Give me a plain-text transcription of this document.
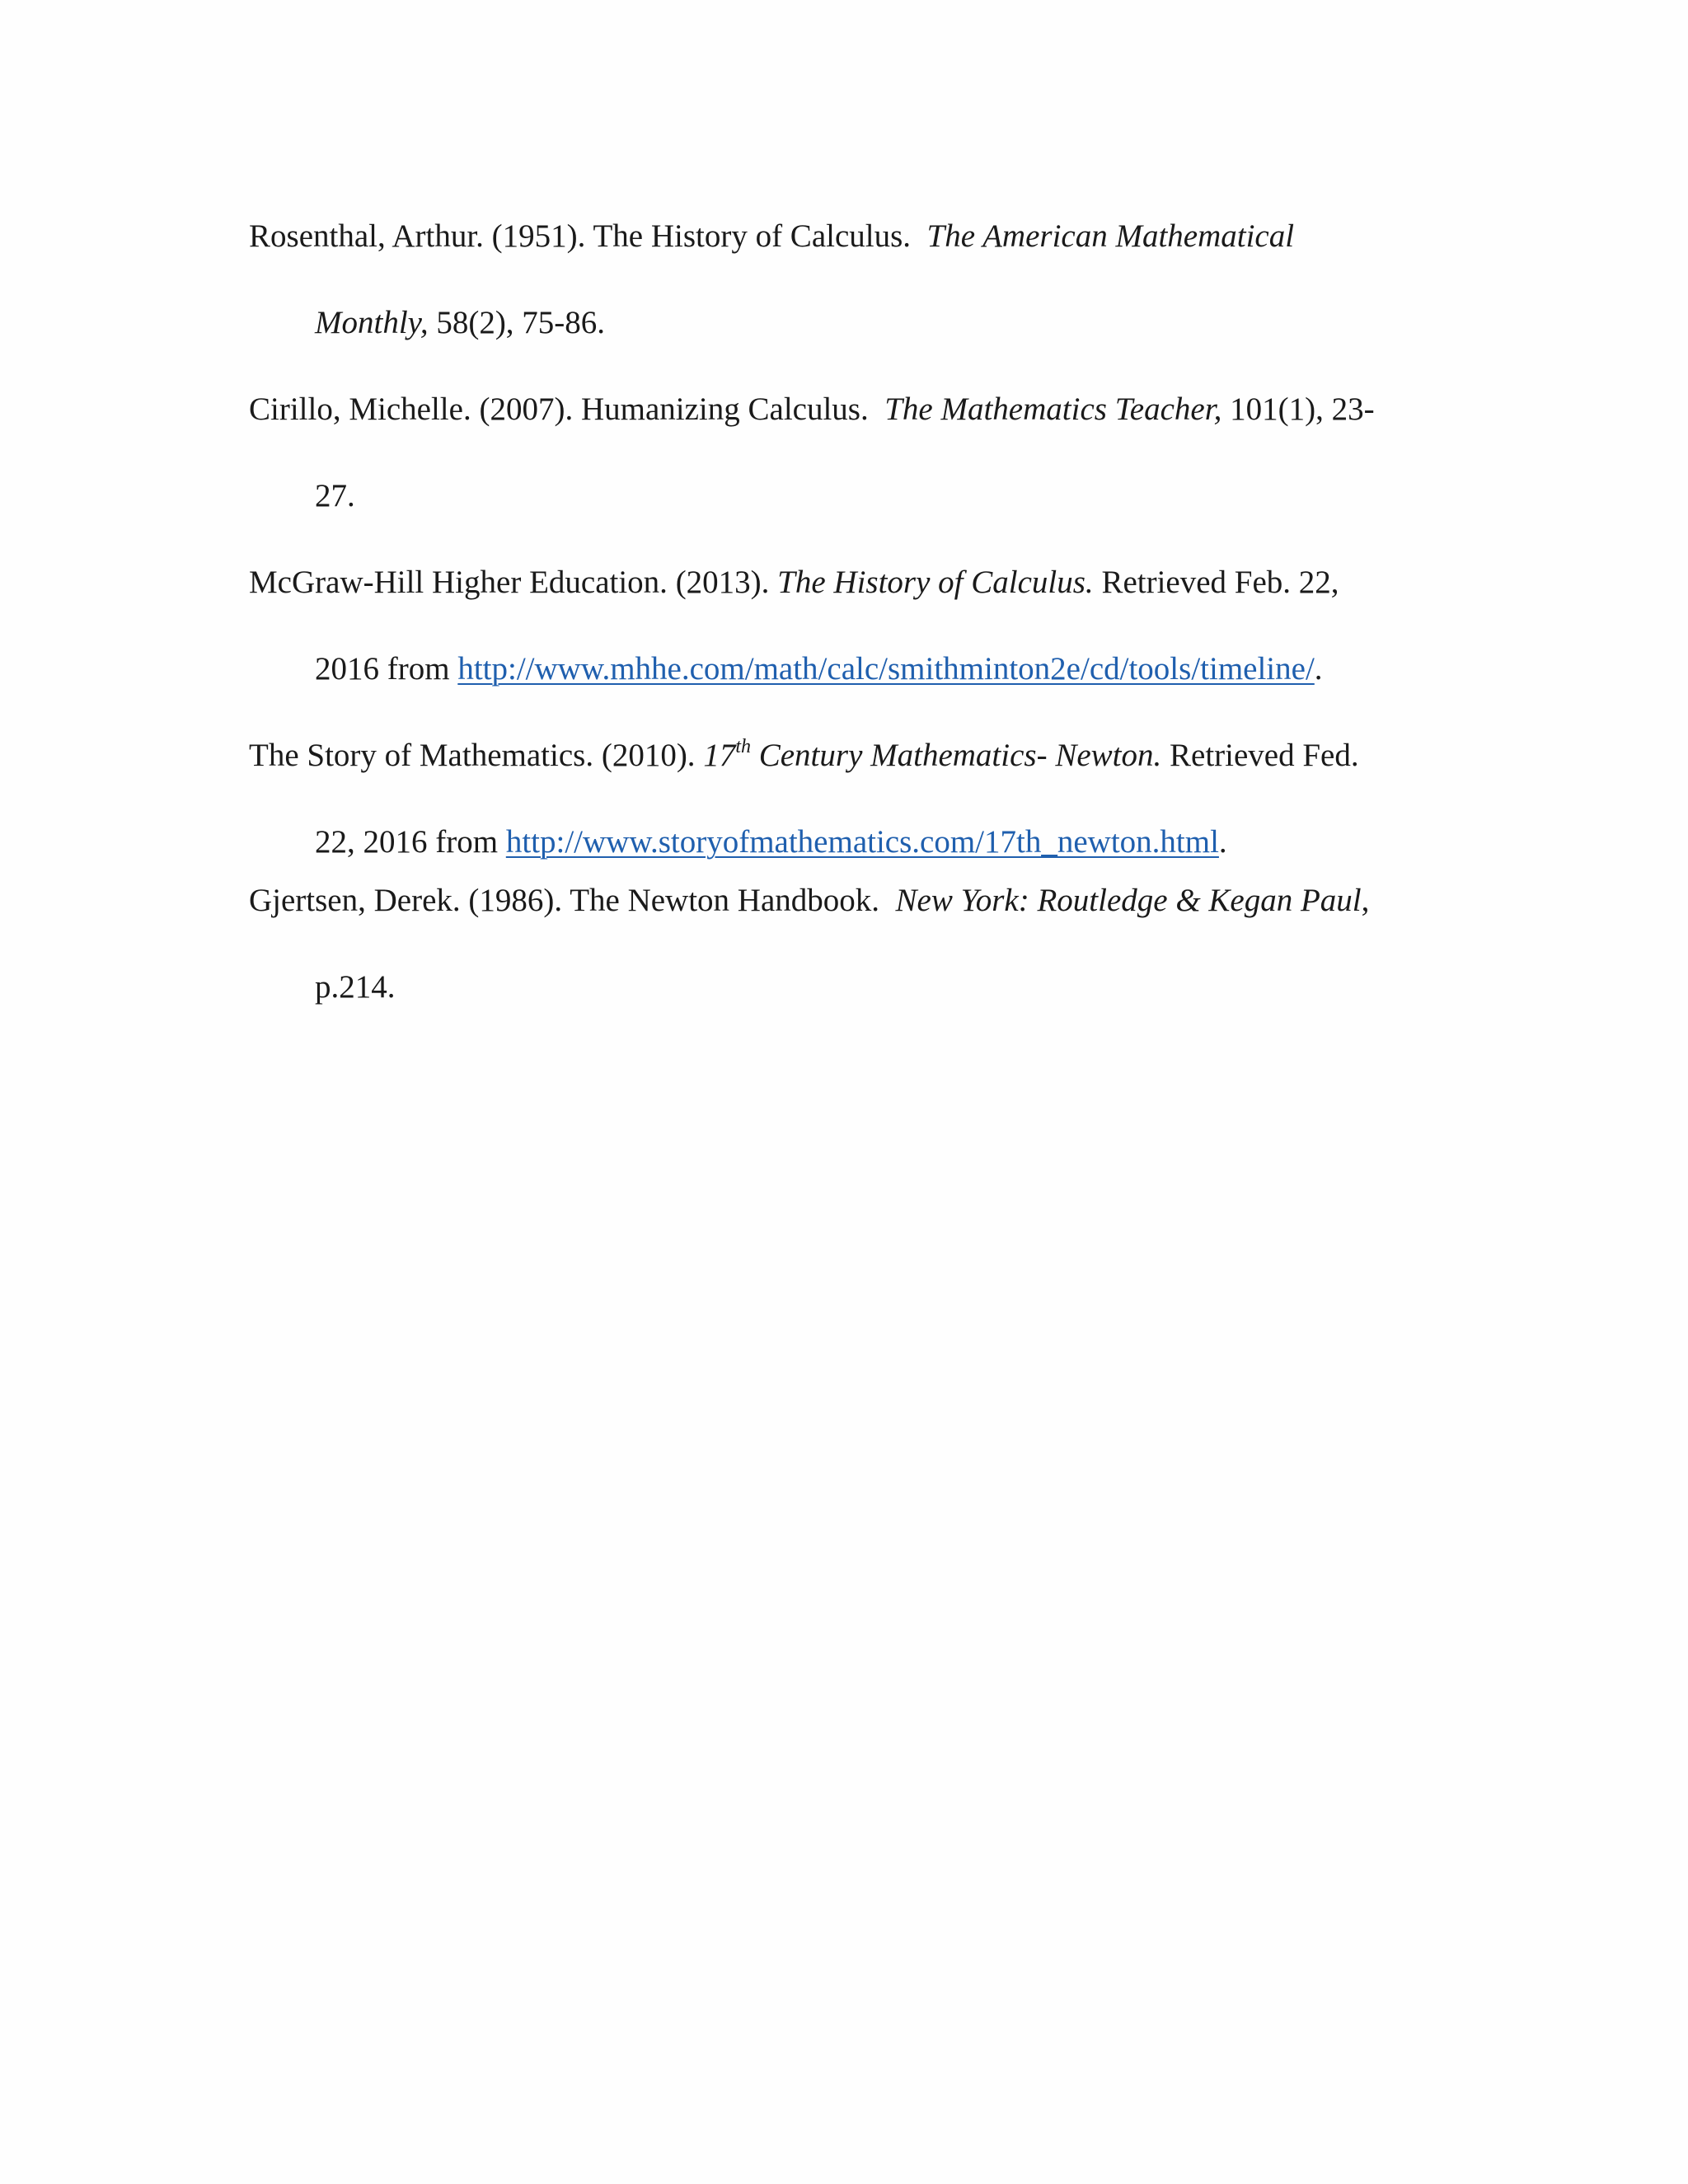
Rosenthal, Arthur. (1951). The History of Calculus. The American Mathematical
Monthly, 58(2), 75-86.
Cirillo, Michelle. (2007). Humanizing Calculus. The Mathematics Teacher, 101(1), 23-
27.
McGraw-Hill Higher Education. (2013). The History of Calculus. Retrieved Feb. 22,
2016 from http://www.mhhe.com/math/calc/smithminton2e/cd/tools/timeline/.
The Story of Mathematics. (2010). 17th Century Mathematics- Newton. Retrieved Fed.
22, 2016 from http://www.storyofmathematics.com/17th_newton.html.
Gjertsen, Derek. (1986). The Newton Handbook. New York: Routledge & Kegan Paul,
p.214.
